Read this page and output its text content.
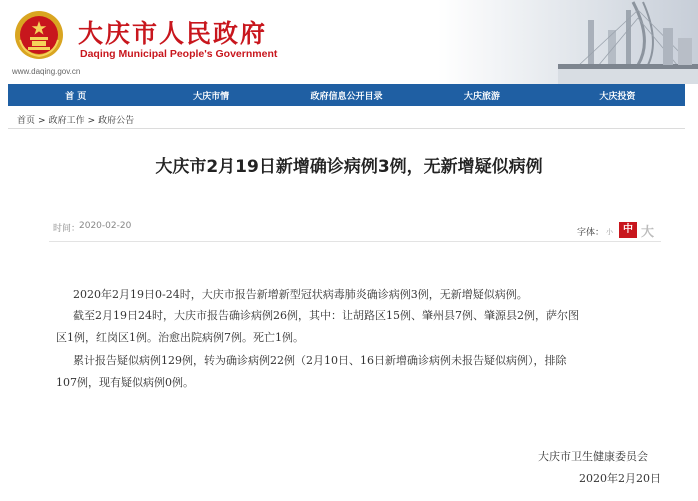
大庆市人民政府
Daqing Municipal People's Government
www.daqing.gov.cn
首 页	大庆市情	政府信息公开目录	大庆旅游	大庆投资
首页 > 政府工作 > 政府公告
大庆市2月19日新增确诊病例3例，无新增疑似病例
时间：
2020-02-20
字体： 小	中 大
2020年2月19日0-24时，大庆市报告新增新型冠状病毒肺炎确诊病例3例，无新增疑似病例。
截至2月19日24时，大庆市报告确诊病例26例，其中：让胡路区15例、肇州县7例、肇源县2例，萨尔图
区1例，红岗区1例。治愈出院病例7例。死亡1例。
累计报告疑似病例129例，转为确诊病例22例（2月10日、16日新增确诊病例未报告疑似病例），排除
107例，现有疑似病例0例。
大庆市卫生健康委员会
2020年2月20日
